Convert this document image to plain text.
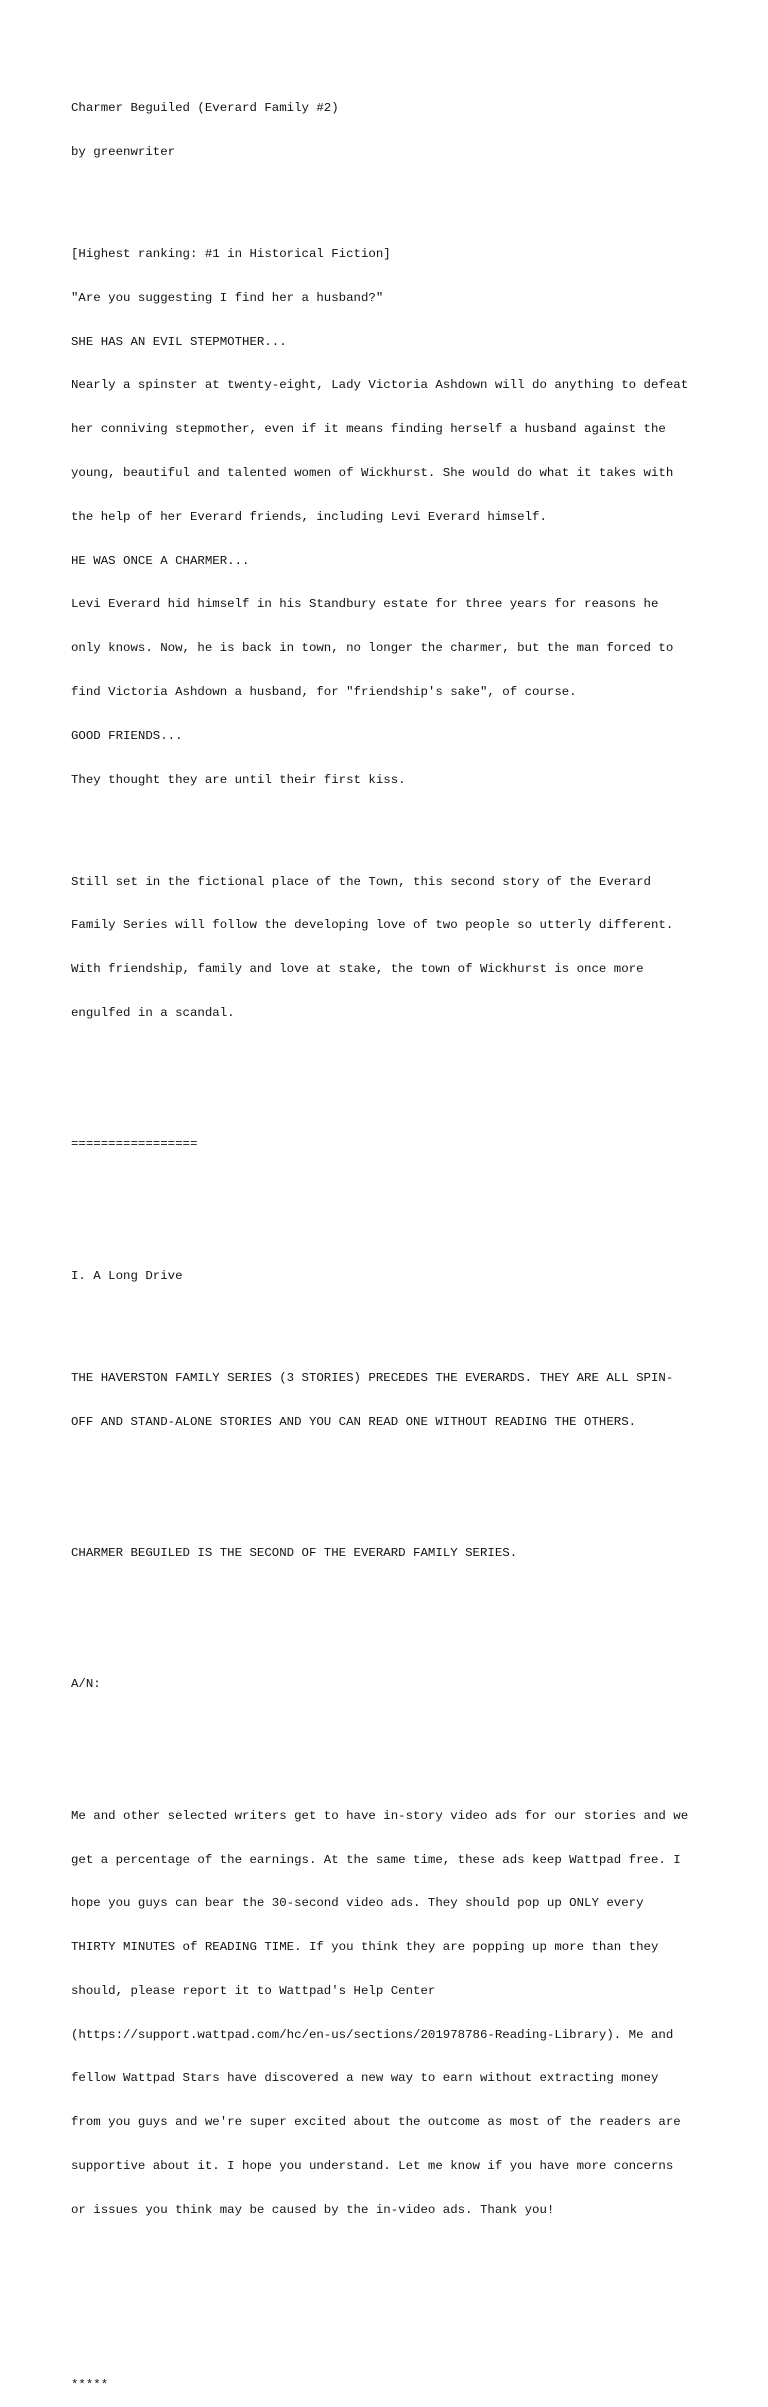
Charmer Beguiled (Everard Family #2)

by greenwriter

[Highest ranking: #1 in Historical Fiction]

"Are you suggesting I find her a husband?"

SHE HAS AN EVIL STEPMOTHER...

Nearly a spinster at twenty-eight, Lady Victoria Ashdown will do anything to defeat

her conniving stepmother, even if it means finding herself a husband against the

young, beautiful and talented women of Wickhurst. She would do what it takes with

the help of her Everard friends, including Levi Everard himself.

HE WAS ONCE A CHARMER...

Levi Everard hid himself in his Standbury estate for three years for reasons he

only knows. Now, he is back in town, no longer the charmer, but the man forced to

find Victoria Ashdown a husband, for "friendship's sake", of course.

GOOD FRIENDS...

They thought they are until their first kiss.

Still set in the fictional place of the Town, this second story of the Everard

Family Series will follow the developing love of two people so utterly different.

With friendship, family and love at stake, the town of Wickhurst is once more

engulfed in a scandal.

=================

I. A Long Drive

THE HAVERSTON FAMILY SERIES (3 STORIES) PRECEDES THE EVERARDS. THEY ARE ALL SPIN-

OFF AND STAND-ALONE STORIES AND YOU CAN READ ONE WITHOUT READING THE OTHERS.

CHARMER BEGUILED IS THE SECOND OF THE EVERARD FAMILY SERIES.

A/N:

Me and other selected writers get to have in-story video ads for our stories and we

get a percentage of the earnings. At the same time, these ads keep Wattpad free. I

hope you guys can bear the 30-second video ads. They should pop up ONLY every

THIRTY MINUTES of READING TIME. If you think they are popping up more than they

should, please report it to Wattpad's Help Center

(https://support.wattpad.com/hc/en-us/sections/201978786-Reading-Library). Me and

fellow Wattpad Stars have discovered a new way to earn without extracting money

from you guys and we're super excited about the outcome as most of the readers are

supportive about it. I hope you understand. Let me know if you have more concerns

or issues you think may be caused by the in-video ads. Thank you!

*****
